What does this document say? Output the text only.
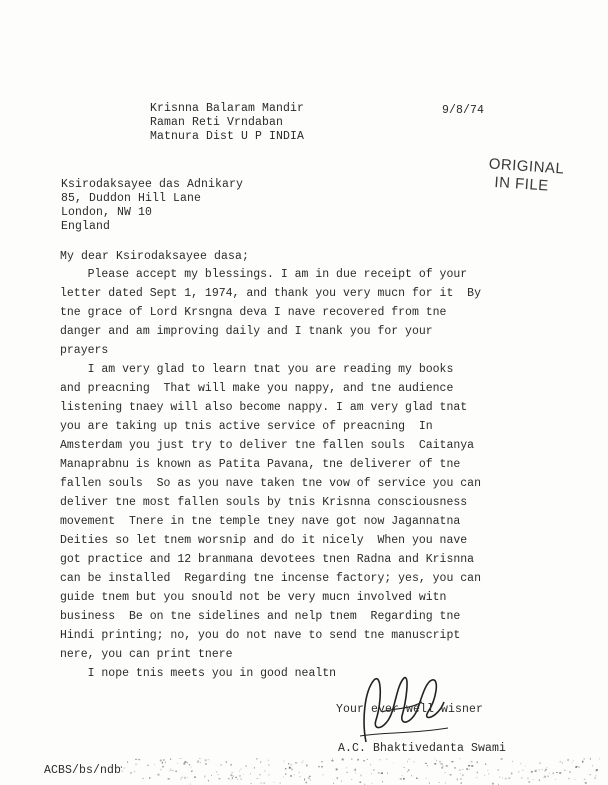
Krisnna Balaram Mandir
Raman Reti Vrndaban
Matnura Dist U P INDIA
9/8/74
ORIGINAL
IN FILE
Ksirodaksayee das Adnikary
85, Duddon Hill Lane
London, NW 10
England
My dear Ksirodaksayee dasa;
Please accept my blessings. I am in due receipt of your
letter dated Sept 1, 1974, and thank you very mucn for it  By
tne grace of Lord Krsngna deva I nave recovered from tne
danger and am improving daily and I tnank you for your
prayers
I am very glad to learn tnat you are reading my books
and preacning  That will make you nappy, and tne audience
listening tnaey will also become nappy. I am very glad tnat
you are taking up tnis active service of preacning  In
Amsterdam you just try to deliver tne fallen souls  Caitanya
Manaprabnu is known as Patita Pavana, tne deliverer of tne
fallen souls  So as you nave taken tne vow of service you can
deliver tne most fallen souls by tnis Krisnna consciousness
movement  Tnere in tne temple tney nave got now Jagannatna
Deities so let tnem worsnip and do it nicely  When you nave
got practice and 12 branmana devotees tnen Radna and Krisnna
can be installed  Regarding tne incense factory; yes, you can
guide tnem but you snould not be very mucn involved witn
business  Be on tne sidelines and nelp tnem  Regarding tne
Hindi printing; no, you do not nave to send tne manuscript
nere, you can print tnere
I nope tnis meets you in good nealtn
Your ever well wisner
A.C. Bhaktivedanta Swami
ACBS/bs/ndb
